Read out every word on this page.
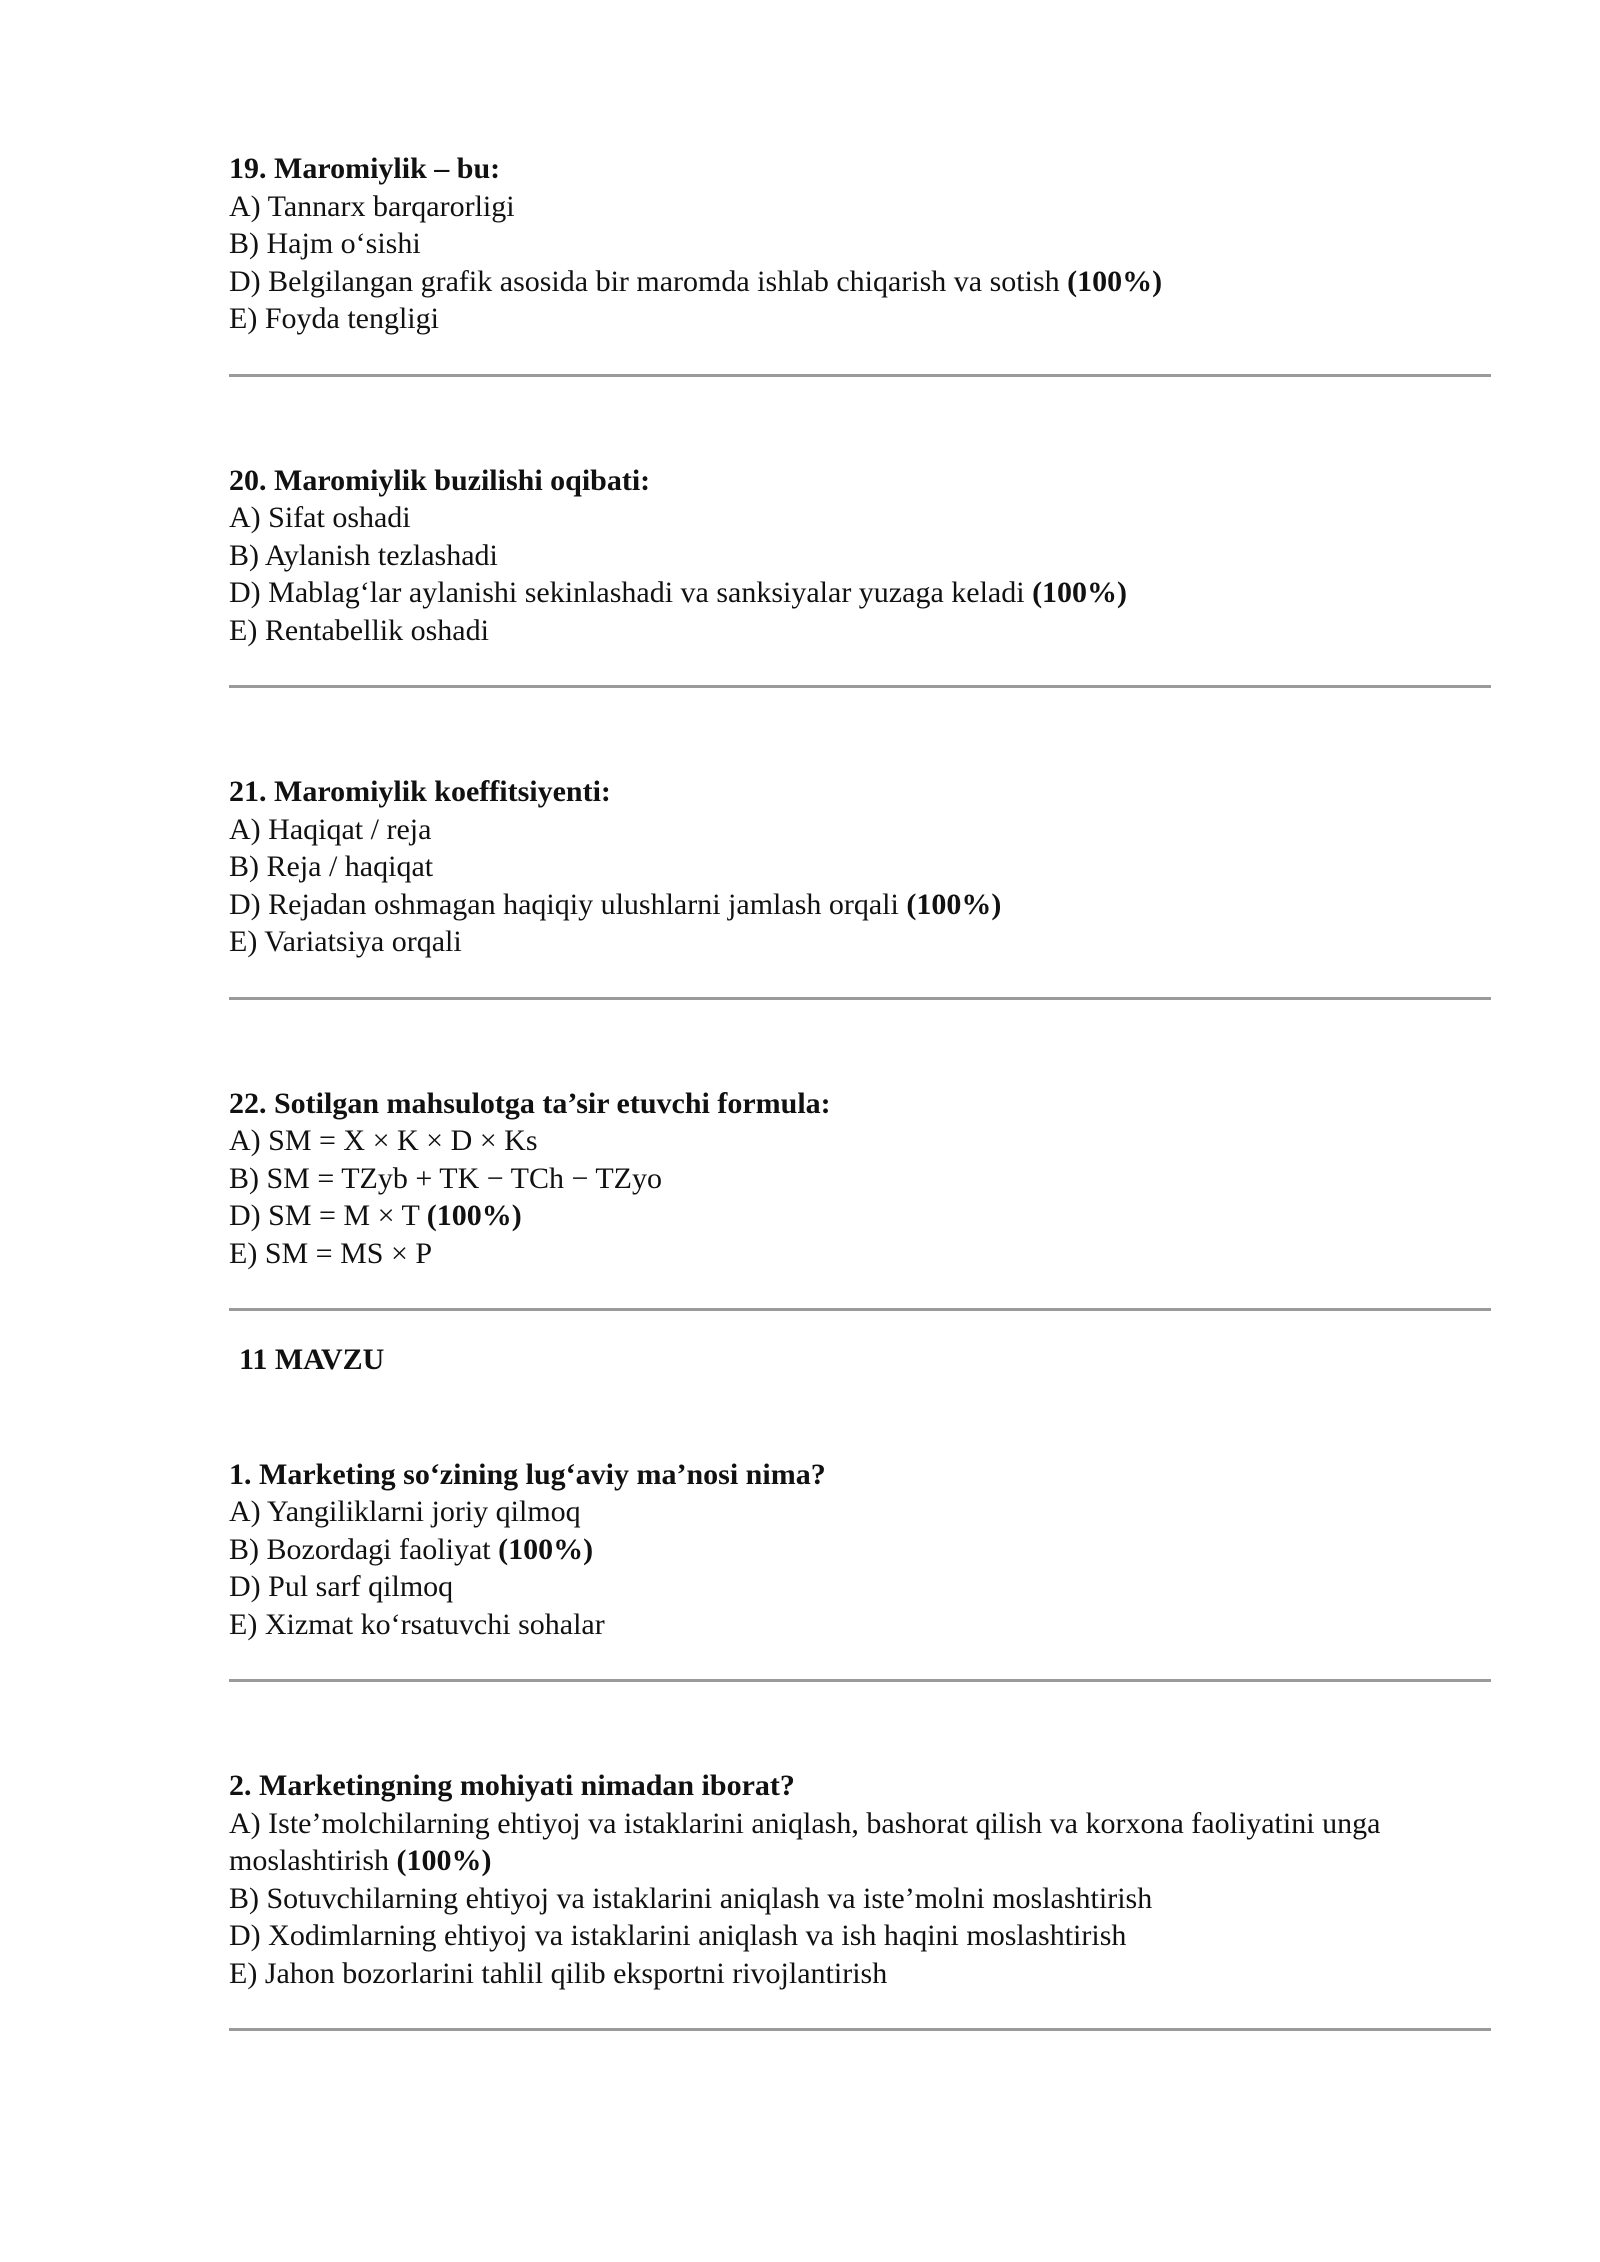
19. Maromiylik – bu:

A) Tannarx barqarorligi

B) Hajm o‘sishi

D) Belgilangan grafik asosida bir maromda ishlab chiqarish va sotish (100%)

E) Foyda tengligi

20. Maromiylik buzilishi oqibati:

A) Sifat oshadi

B) Aylanish tezlashadi

D) Mablag‘lar aylanishi sekinlashadi va sanksiyalar yuzaga keladi (100%)

E) Rentabellik oshadi

21. Maromiylik koeffitsiyenti:

A) Haqiqat / reja

B) Reja / haqiqat

D) Rejadan oshmagan haqiqiy ulushlarni jamlash orqali (100%)

E) Variatsiya orqali

22. Sotilgan mahsulotga ta’sir etuvchi formula:

A) SM = X × K × D × Ks

B) SM = TZyb + TK − TCh − TZyo

D) SM = M × T (100%)

E) SM = MS × P

11 MAVZU

1. Marketing so‘zining lug‘aviy ma’nosi nima?

A) Yangiliklarni joriy qilmoq

B) Bozordagi faoliyat (100%)

D) Pul sarf qilmoq

E) Xizmat ko‘rsatuvchi sohalar

2. Marketingning mohiyati nimadan iborat?

A) Iste’molchilarning ehtiyoj va istaklarini aniqlash, bashorat qilish va korxona faoliyatini unga moslashtirish (100%)

B) Sotuvchilarning ehtiyoj va istaklarini aniqlash va iste’molni moslashtirish

D) Xodimlarning ehtiyoj va istaklarini aniqlash va ish haqini moslashtirish

E) Jahon bozorlarini tahlil qilib eksportni rivojlantirish
